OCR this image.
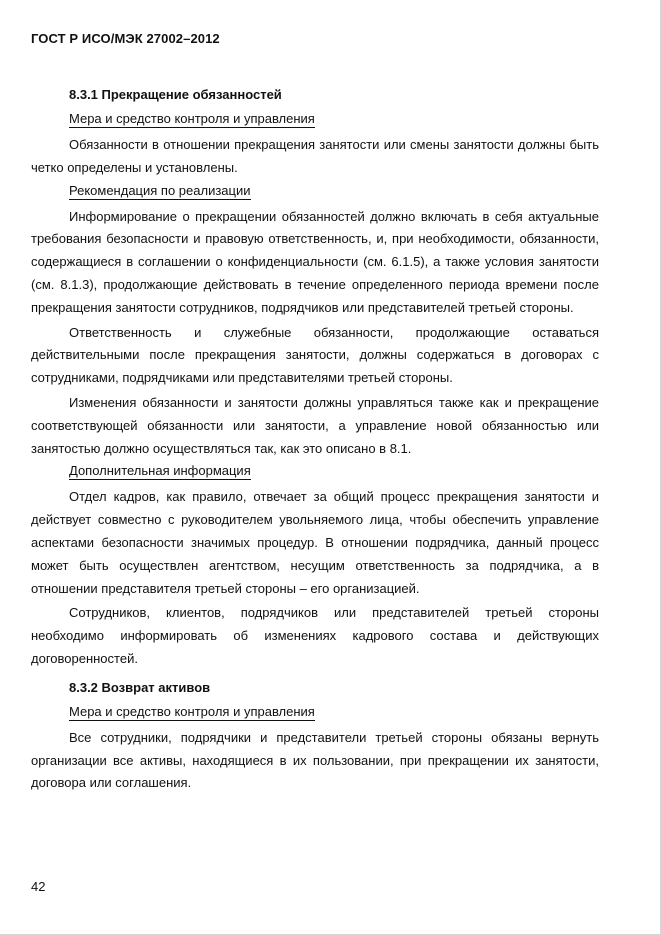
ГОСТ Р ИСО/МЭК 27002–2012
8.3.1 Прекращение обязанностей
Мера и средство контроля и управления

Обязанности в отношении прекращения занятости или смены занятости должны быть четко определены и установлены.

Рекомендация по реализации

Информирование о прекращении обязанностей должно включать в себя актуальные требования безопасности и правовую ответственность, и, при необходимости, обязанности, содержащиеся в соглашении о конфиденциальности (см. 6.1.5), а также условия занятости (см. 8.1.3), продолжающие действовать в течение определенного периода времени после прекращения занятости сотрудников, подрядчиков или представителей третьей стороны.

Ответственность и служебные обязанности, продолжающие оставаться действительными после прекращения занятости, должны содержаться в договорах с сотрудниками, подрядчиками или представителями третьей стороны.

Изменения обязанности и занятости должны управляться также как и прекращение соответствующей обязанности или занятости, а управление новой обязанностью или занятостью должно осуществляться так, как это описано в 8.1.

Дополнительная информация

Отдел кадров, как правило, отвечает за общий процесс прекращения занятости и действует совместно с руководителем увольняемого лица, чтобы обеспечить управление аспектами безопасности значимых процедур. В отношении подрядчика, данный процесс может быть осуществлен агентством, несущим ответственность за подрядчика, а в отношении представителя третьей стороны – его организацией.

Сотрудников, клиентов, подрядчиков или представителей третьей стороны необходимо информировать об изменениях кадрового состава и действующих договоренностей.

8.3.2 Возврат активов
Мера и средство контроля и управления

Все сотрудники, подрядчики и представители третьей стороны обязаны вернуть организации все активы, находящиеся в их пользовании, при прекращении их занятости, договора или соглашения.

42
